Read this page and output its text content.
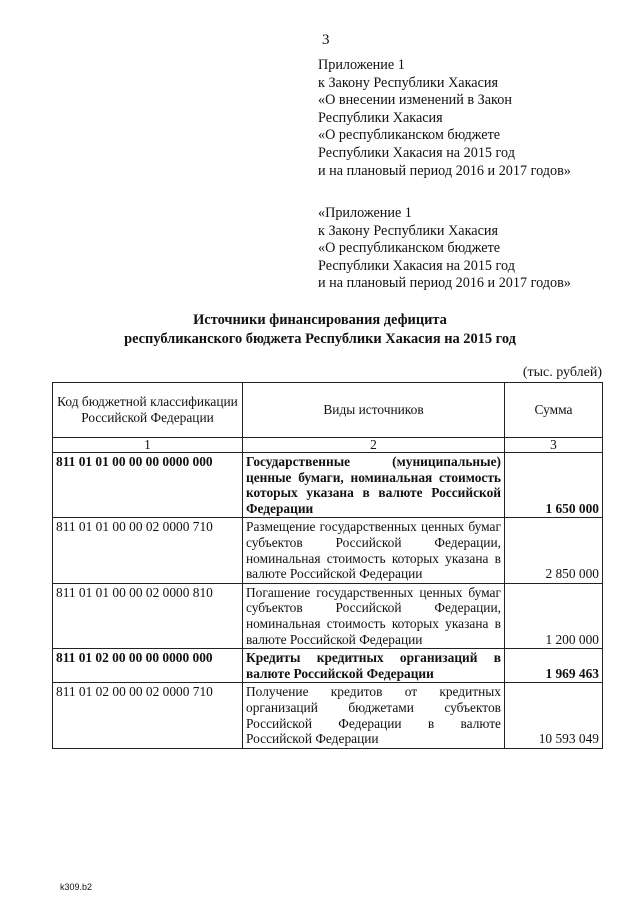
3
Приложение 1
к Закону Республики Хакасия
«О внесении изменений в Закон
Республики Хакасия
«О республиканском бюджете
Республики Хакасия на 2015 год
и на плановый период 2016 и 2017 годов»
«Приложение 1
к Закону Республики Хакасия
«О республиканском бюджете
Республики Хакасия на 2015 год
и на плановый период 2016 и 2017 годов»
Источники финансирования дефицита
республиканского бюджета Республики Хакасия на 2015 год
(тыс. рублей)
Код бюджетной классификации Российской Федерации	Виды источников	Сумма
1	2	3
811 01 01 00 00 00 0000 000	Государственные (муниципальные) ценные бумаги, номинальная стоимость которых указана в валюте Российской Федерации	1 650 000
811 01 01 00 00 02 0000 710	Размещение государственных ценных бумаг субъектов Российской Федерации, номинальная стоимость которых указана в валюте Российской Федерации	2 850 000
811 01 01 00 00 02 0000 810	Погашение государственных ценных бумаг субъектов Российской Федерации, номинальная стоимость которых указана в валюте Российской Федерации	1 200 000
811 01 02 00 00 00 0000 000	Кредиты кредитных организаций в валюте Российской Федерации	1 969 463
811 01 02 00 00 02 0000 710	Получение кредитов от кредитных организаций бюджетами субъектов Российской Федерации в валюте Российской Федерации	10 593 049
k309.b2
